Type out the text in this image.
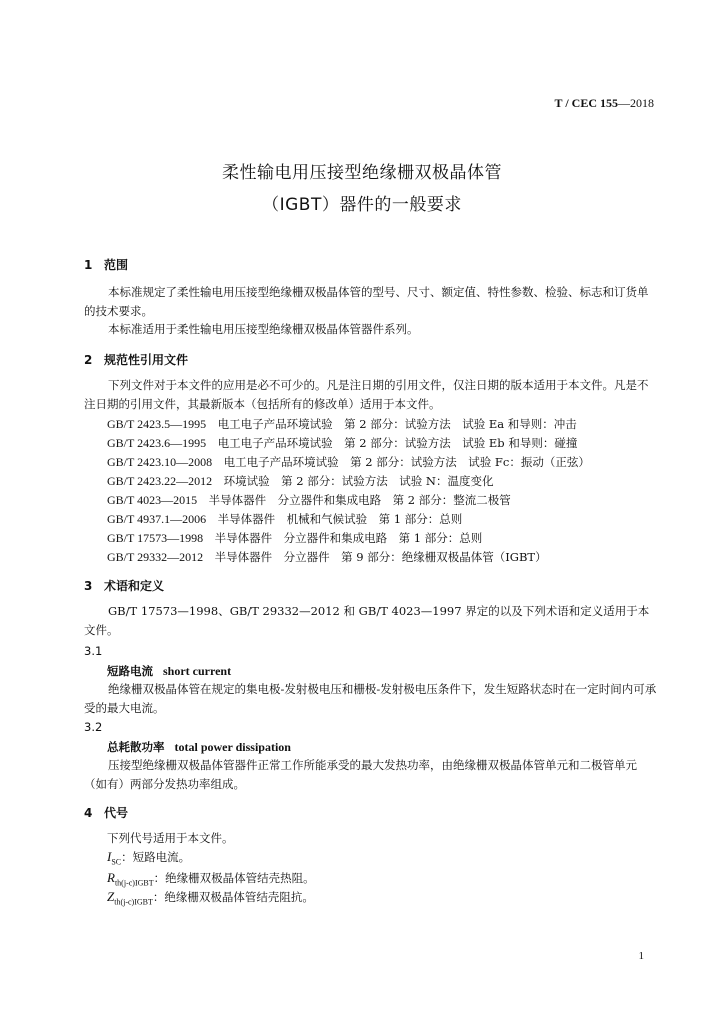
T / CEC 155—2018
柔性输电用压接型绝缘栅双极晶体管
（IGBT）器件的一般要求
1 范围
本标准规定了柔性输电用压接型绝缘栅双极晶体管的型号、尺寸、额定值、特性参数、检验、标志和订货单的技术要求。
本标准适用于柔性输电用压接型绝缘栅双极晶体管器件系列。
2 规范性引用文件
下列文件对于本文件的应用是必不可少的。凡是注日期的引用文件，仅注日期的版本适用于本文件。凡是不注日期的引用文件，其最新版本（包括所有的修改单）适用于本文件。
GB/T 2423.5—1995　 电工电子产品环境试验　第 2 部分：试验方法　试验 Ea 和导则：冲击
GB/T 2423.6—1995　 电工电子产品环境试验　第 2 部分：试验方法　试验 Eb 和导则：碰撞
GB/T 2423.10—2008　 电工电子产品环境试验　第 2 部分：试验方法　试验 Fc：振动（正弦）
GB/T 2423.22—2012　 环境试验　第 2 部分：试验方法　试验 N：温度变化
GB/T 4023—2015　 半导体器件　分立器件和集成电路　第 2 部分：整流二极管
GB/T 4937.1—2006　 半导体器件　机械和气候试验　第 1 部分：总则
GB/T 17573—1998　 半导体器件　分立器件和集成电路　第 1 部分：总则
GB/T 29332—2012　 半导体器件　分立器件　第 9 部分：绝缘栅双极晶体管（IGBT）
3 术语和定义
GB/T 17573—1998、GB/T 29332—2012 和 GB/T 4023—1997 界定的以及下列术语和定义适用于本文件。
3.1
短路电流 short current
绝缘栅双极晶体管在规定的集电极-发射极电压和栅极-发射极电压条件下，发生短路状态时在一定时间内可承受的最大电流。
3.2
总耗散功率 total power dissipation
压接型绝缘栅双极晶体管器件正常工作所能承受的最大发热功率，由绝缘栅双极晶体管单元和二极管单元（如有）两部分发热功率组成。
4 代号
下列代号适用于本文件。
$I_{SC}$：短路电流。
$R_{th(j-c)IGBT}$：绝缘栅双极晶体管结壳热阻。
$Z_{th(j-c)IGBT}$：绝缘栅双极晶体管结壳阻抗。
1
